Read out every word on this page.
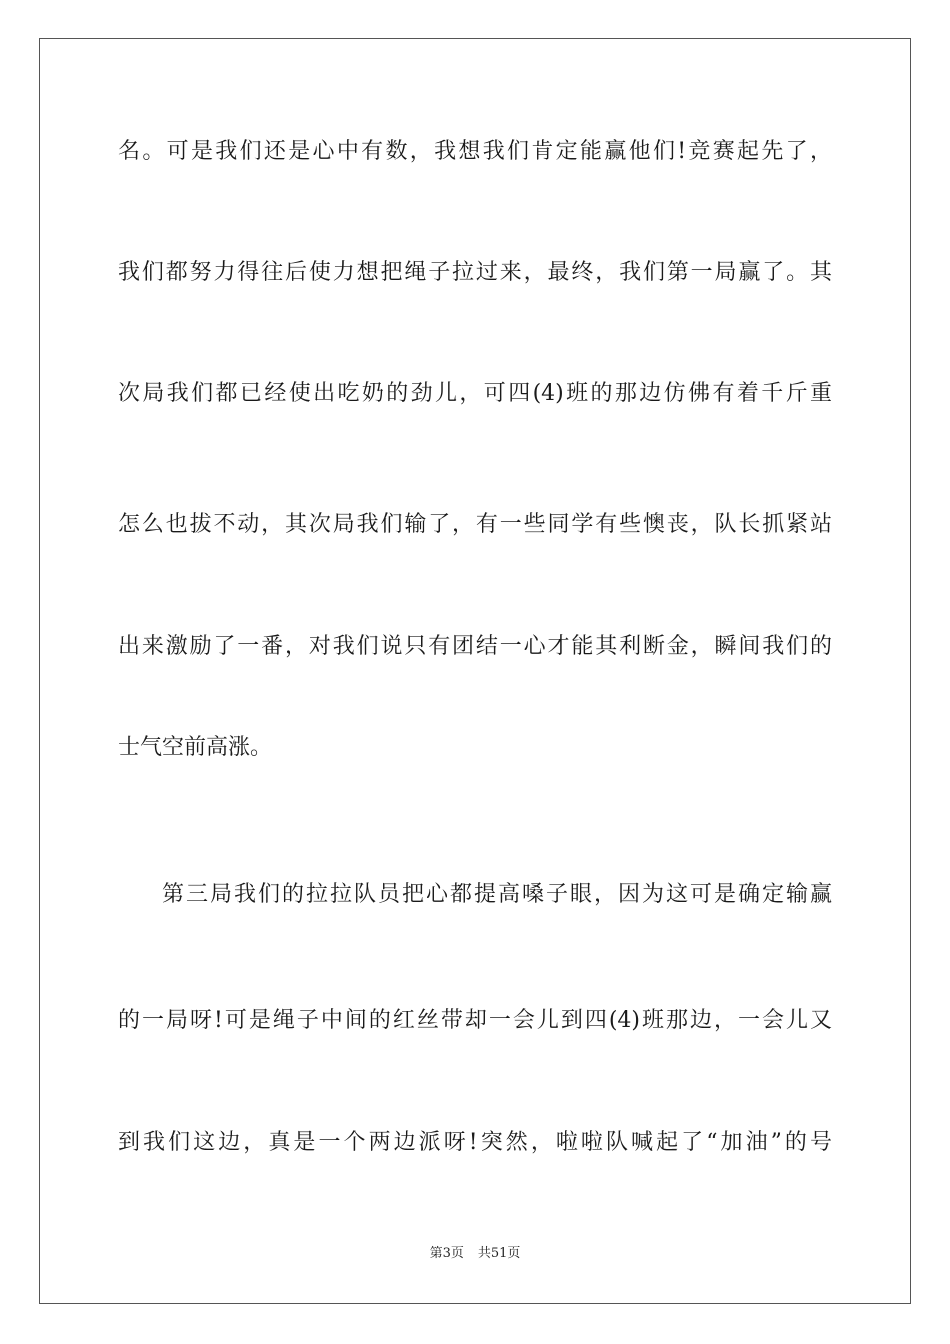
名。可是我们还是心中有数，我想我们肯定能赢他们!竞赛起先了，
我们都努力得往后使力想把绳子拉过来，最终，我们第一局赢了。其
次局我们都已经使出吃奶的劲儿，可四(4)班的那边仿佛有着千斤重
怎么也拔不动，其次局我们输了，有一些同学有些懊丧，队长抓紧站
出来激励了一番，对我们说只有团结一心才能其利断金，瞬间我们的
士气空前高涨。
第三局我们的拉拉队员把心都提高嗓子眼，因为这可是确定输赢
的一局呀!可是绳子中间的红丝带却一会儿到四(4)班那边，一会儿又
到我们这边，真是一个两边派呀!突然，啦啦队喊起了“加油”的号
第3页 共51页
